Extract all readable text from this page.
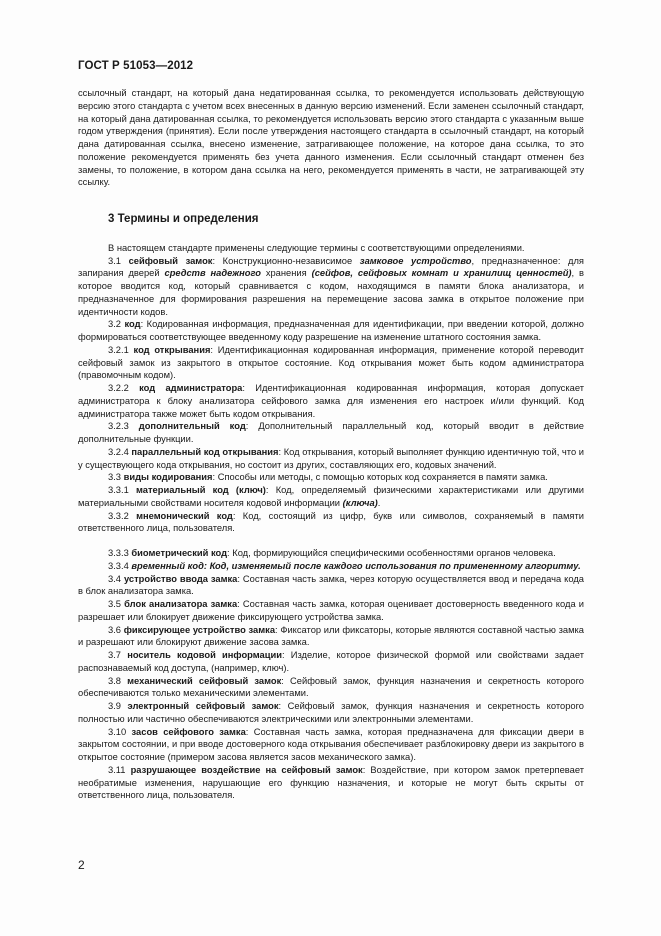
ГОСТ Р 51053—2012

ссылочный стандарт, на который дана недатированная ссылка, то рекомендуется использовать действующую версию этого стандарта с учетом всех внесенных в данную версию изменений. Если заменен ссылочный стандарт, на который дана датированная ссылка, то рекомендуется использовать версию этого стандарта с указанным выше годом утверждения (принятия). Если после утверждения настоящего стандарта в ссылочный стандарт, на который дана датированная ссылка, внесено изменение, затрагивающее положение, на которое дана ссылка, то это положение рекомендуется применять без учета данного изменения. Если ссылочный стандарт отменен без замены, то положение, в котором дана ссылка на него, рекомендуется применять в части, не затрагивающей эту ссылку.

3 Термины и определения

В настоящем стандарте применены следующие термины с соответствующими определениями.

3.1 сейфовый замок: Конструкционно-независимое замковое устройство, предназначенное: для запирания дверей средств надежного хранения (сейфов, сейфовых комнат и хранилищ ценностей), в которое вводится код, который сравнивается с кодом, находящимся в памяти блока анализатора, и предназначенное для формирования разрешения на перемещение засова замка в открытое положение при идентичности кодов.

3.2 код: Кодированная информация, предназначенная для идентификации, при введении которой, должно формироваться соответствующее введенному коду разрешение на изменение штатного состояния замка.

3.2.1 код открывания: Идентификационная кодированная информация, применение которой переводит сейфовый замок из закрытого в открытое состояние. Код открывания может быть кодом администратора (правомочным кодом).

3.2.2 код администратора: Идентификационная кодированная информация, которая допускает администратора к блоку анализатора сейфового замка для изменения его настроек и/или функций. Код администратора также может быть кодом открывания.

3.2.3 дополнительный код: Дополнительный параллельный код, который вводит в действие дополнительные функции.

3.2.4 параллельный код открывания: Код открывания, который выполняет функцию идентичную той, что и у существующего кода открывания, но состоит из других, составляющих его, кодовых значений.

3.3 виды кодирования: Способы или методы, с помощью которых код сохраняется в памяти замка.

3.3.1 материальный код (ключ): Код, определяемый физическими характеристиками или другими материальными свойствами носителя кодовой информации (ключа).

3.3.2 мнемонический код: Код, состоящий из цифр, букв или символов, сохраняемый в памяти ответственного лица, пользователя.

3.3.3 биометрический код: Код, формирующийся специфическими особенностями органов человека.

3.3.4 временный код: Код, изменяемый после каждого использования по примененному алгоритму.

3.4 устройство ввода замка: Составная часть замка, через которую осуществляется ввод и передача кода в блок анализатора замка.

3.5 блок анализатора замка: Составная часть замка, которая оценивает достоверность введенного кода и разрешает или блокирует движение фиксирующего устройства замка.

3.6 фиксирующее устройство замка: Фиксатор или фиксаторы, которые являются составной частью замка и разрешают или блокируют движение засова замка.

3.7 носитель кодовой информации: Изделие, которое физической формой или свойствами задает распознаваемый код доступа, (например, ключ).

3.8 механический сейфовый замок: Сейфовый замок, функция назначения и секретность которого обеспечиваются только механическими элементами.

3.9 электронный сейфовый замок: Сейфовый замок, функция назначения и секретность которого полностью или частично обеспечиваются электрическими или электронными элементами.

3.10 засов сейфового замка: Составная часть замка, которая предназначена для фиксации двери в закрытом состоянии, и при вводе достоверного кода открывания обеспечивает разблокировку двери из закрытого в открытое состояние (примером засова является засов механического замка).

3.11 разрушающее воздействие на сейфовый замок: Воздействие, при котором замок претерпевает необратимые изменения, нарушающие его функцию назначения, и которые не могут быть скрыты от ответственного лица, пользователя.

2
